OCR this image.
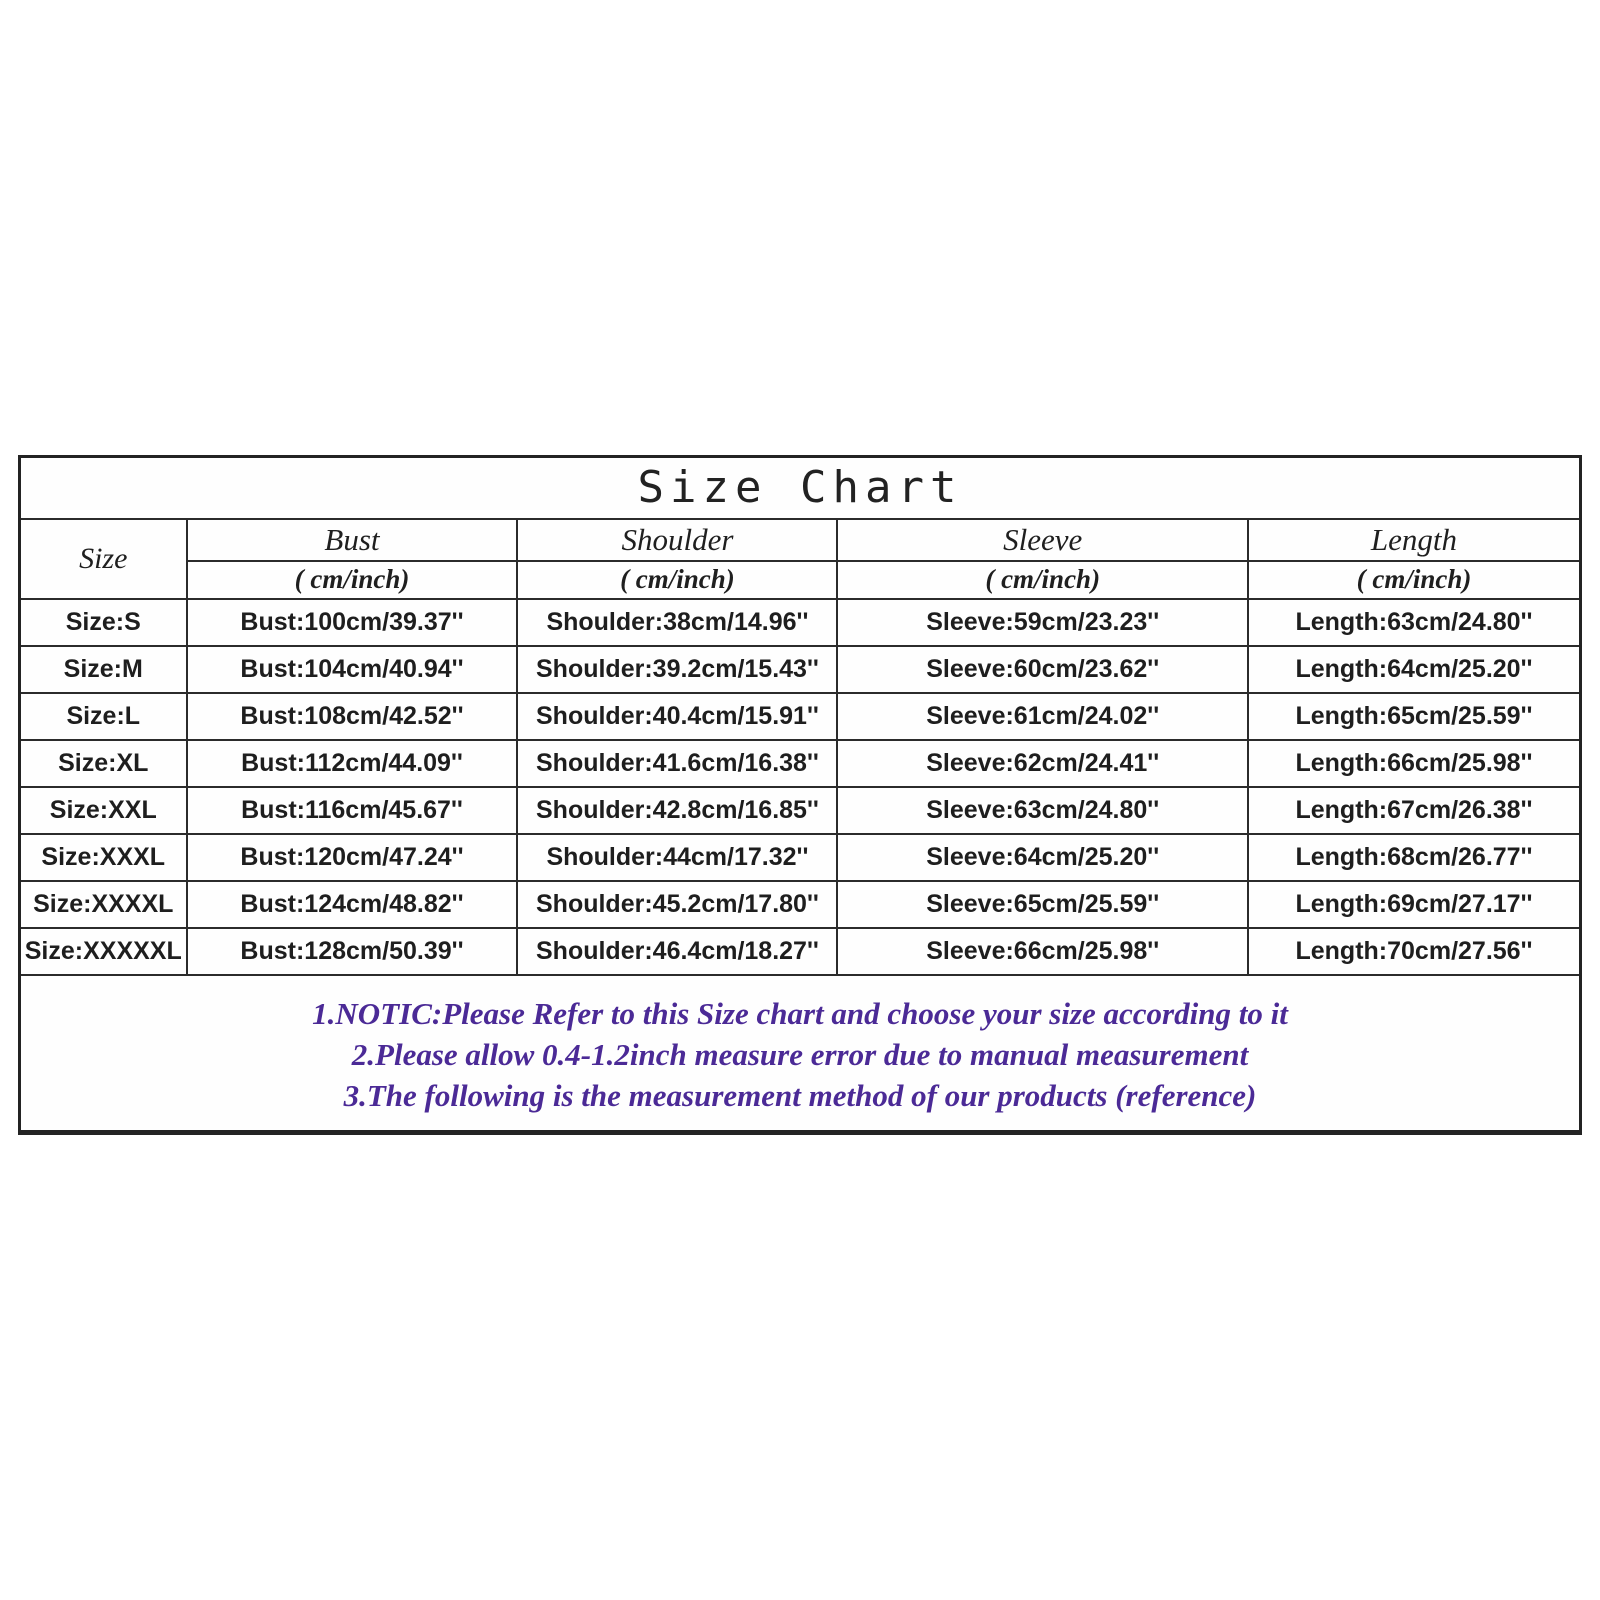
Size Chart				
Size	Bust	Shoulder	Sleeve	Length
	( cm/inch)	( cm/inch)	( cm/inch)	( cm/inch)
Size:S	Bust:100cm/39.37''	Shoulder:38cm/14.96''	Sleeve:59cm/23.23''	Length:63cm/24.80''
Size:M	Bust:104cm/40.94''	Shoulder:39.2cm/15.43''	Sleeve:60cm/23.62''	Length:64cm/25.20''
Size:L	Bust:108cm/42.52''	Shoulder:40.4cm/15.91''	Sleeve:61cm/24.02''	Length:65cm/25.59''
Size:XL	Bust:112cm/44.09''	Shoulder:41.6cm/16.38''	Sleeve:62cm/24.41''	Length:66cm/25.98''
Size:XXL	Bust:116cm/45.67''	Shoulder:42.8cm/16.85''	Sleeve:63cm/24.80''	Length:67cm/26.38''
Size:XXXL	Bust:120cm/47.24''	Shoulder:44cm/17.32''	Sleeve:64cm/25.20''	Length:68cm/26.77''
Size:XXXXL	Bust:124cm/48.82''	Shoulder:45.2cm/17.80''	Sleeve:65cm/25.59''	Length:69cm/27.17''
Size:XXXXXL	Bust:128cm/50.39''	Shoulder:46.4cm/18.27''	Sleeve:66cm/25.98''	Length:70cm/27.56''

1.NOTIC:Please Refer to this Size chart and choose your size according to it
2.Please allow 0.4-1.2inch measure error due to manual measurement
3.The following is the measurement method of our products (reference)				
